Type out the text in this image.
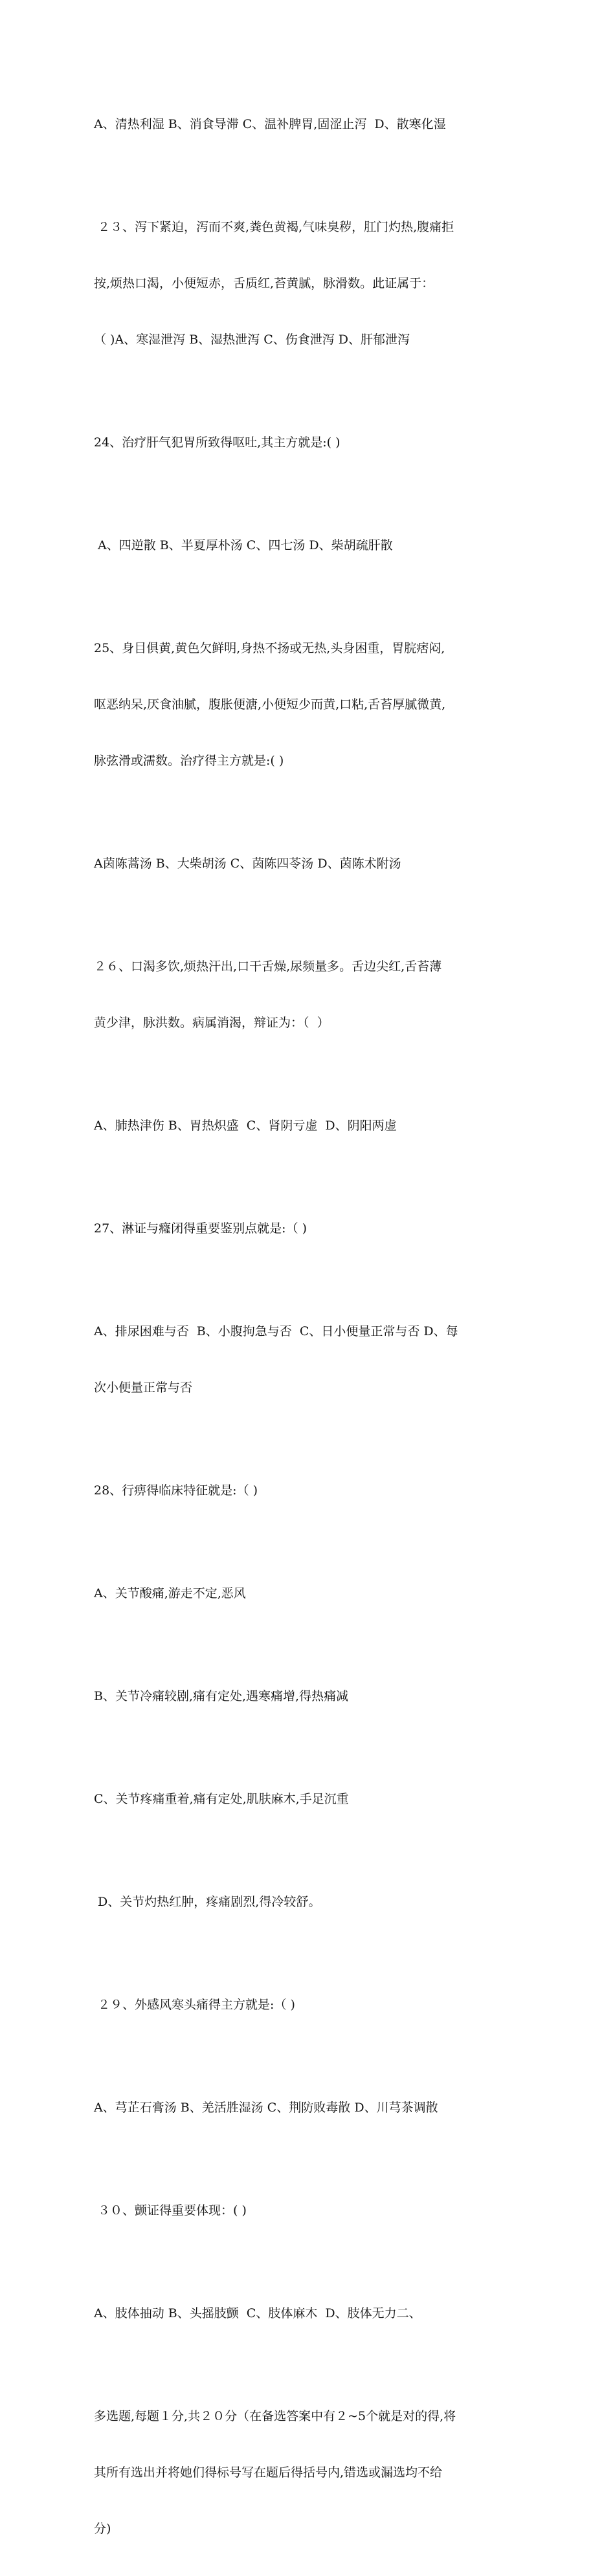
A、清热利湿 B、消食导滞 C、温补脾胃,固涩止泻  D、散寒化湿

２３、泻下紧迫，泻而不爽,粪色黄褐,气味臭秽，肛门灼热,腹痛拒

按,烦热口渴，小便短赤，舌质红,苔黄腻，脉滑数。此证属于：

（ )A、寒湿泄泻 B、湿热泄泻 C、伤食泄泻 D、肝郁泄泻

24、治疗肝气犯胃所致得呕吐,其主方就是:( )

A、四逆散 B、半夏厚朴汤 C、四七汤 D、柴胡疏肝散

25、身目俱黄,黄色欠鲜明,身热不扬或无热,头身困重，胃脘痞闷,

呕恶纳呆,厌食油腻，腹胀便溏,小便短少而黄,口粘,舌苔厚腻微黄,

脉弦滑或濡数。治疗得主方就是:( )

A茵陈蒿汤 B、大柴胡汤 C、茵陈四苓汤 D、茵陈术附汤

２６、口渴多饮,烦热汗出,口干舌燥,尿频量多。舌边尖红,舌苔薄

黄少津，脉洪数。病属消渴，辩证为：（  ）

A、肺热津伤 B、胃热炽盛  C、肾阴亏虚  D、阴阳两虚

27、淋证与癃闭得重要鉴别点就是:（ )

A、排尿困难与否  B、小腹拘急与否  C、日小便量正常与否 D、每

次小便量正常与否

28、行痹得临床特征就是:（ )

A、关节酸痛,游走不定,恶风

B、关节冷痛较剧,痛有定处,遇寒痛增,得热痛减

C、关节疼痛重着,痛有定处,肌肤麻木,手足沉重

D、关节灼热红肿，疼痛剧烈,得冷较舒。

２９、外感风寒头痛得主方就是:（ )

A、芎芷石膏汤 B、羌活胜湿汤 C、荆防败毒散 D、川芎茶调散

３０、颤证得重要体现：( )

A、肢体抽动 B、头摇肢颤  C、肢体麻木  D、肢体无力二、

多选题,每题１分,共２０分（在备选答案中有２~5个就是对的得,将

其所有选出并将她们得标号写在题后得括号内,错选或漏选均不给

分)
